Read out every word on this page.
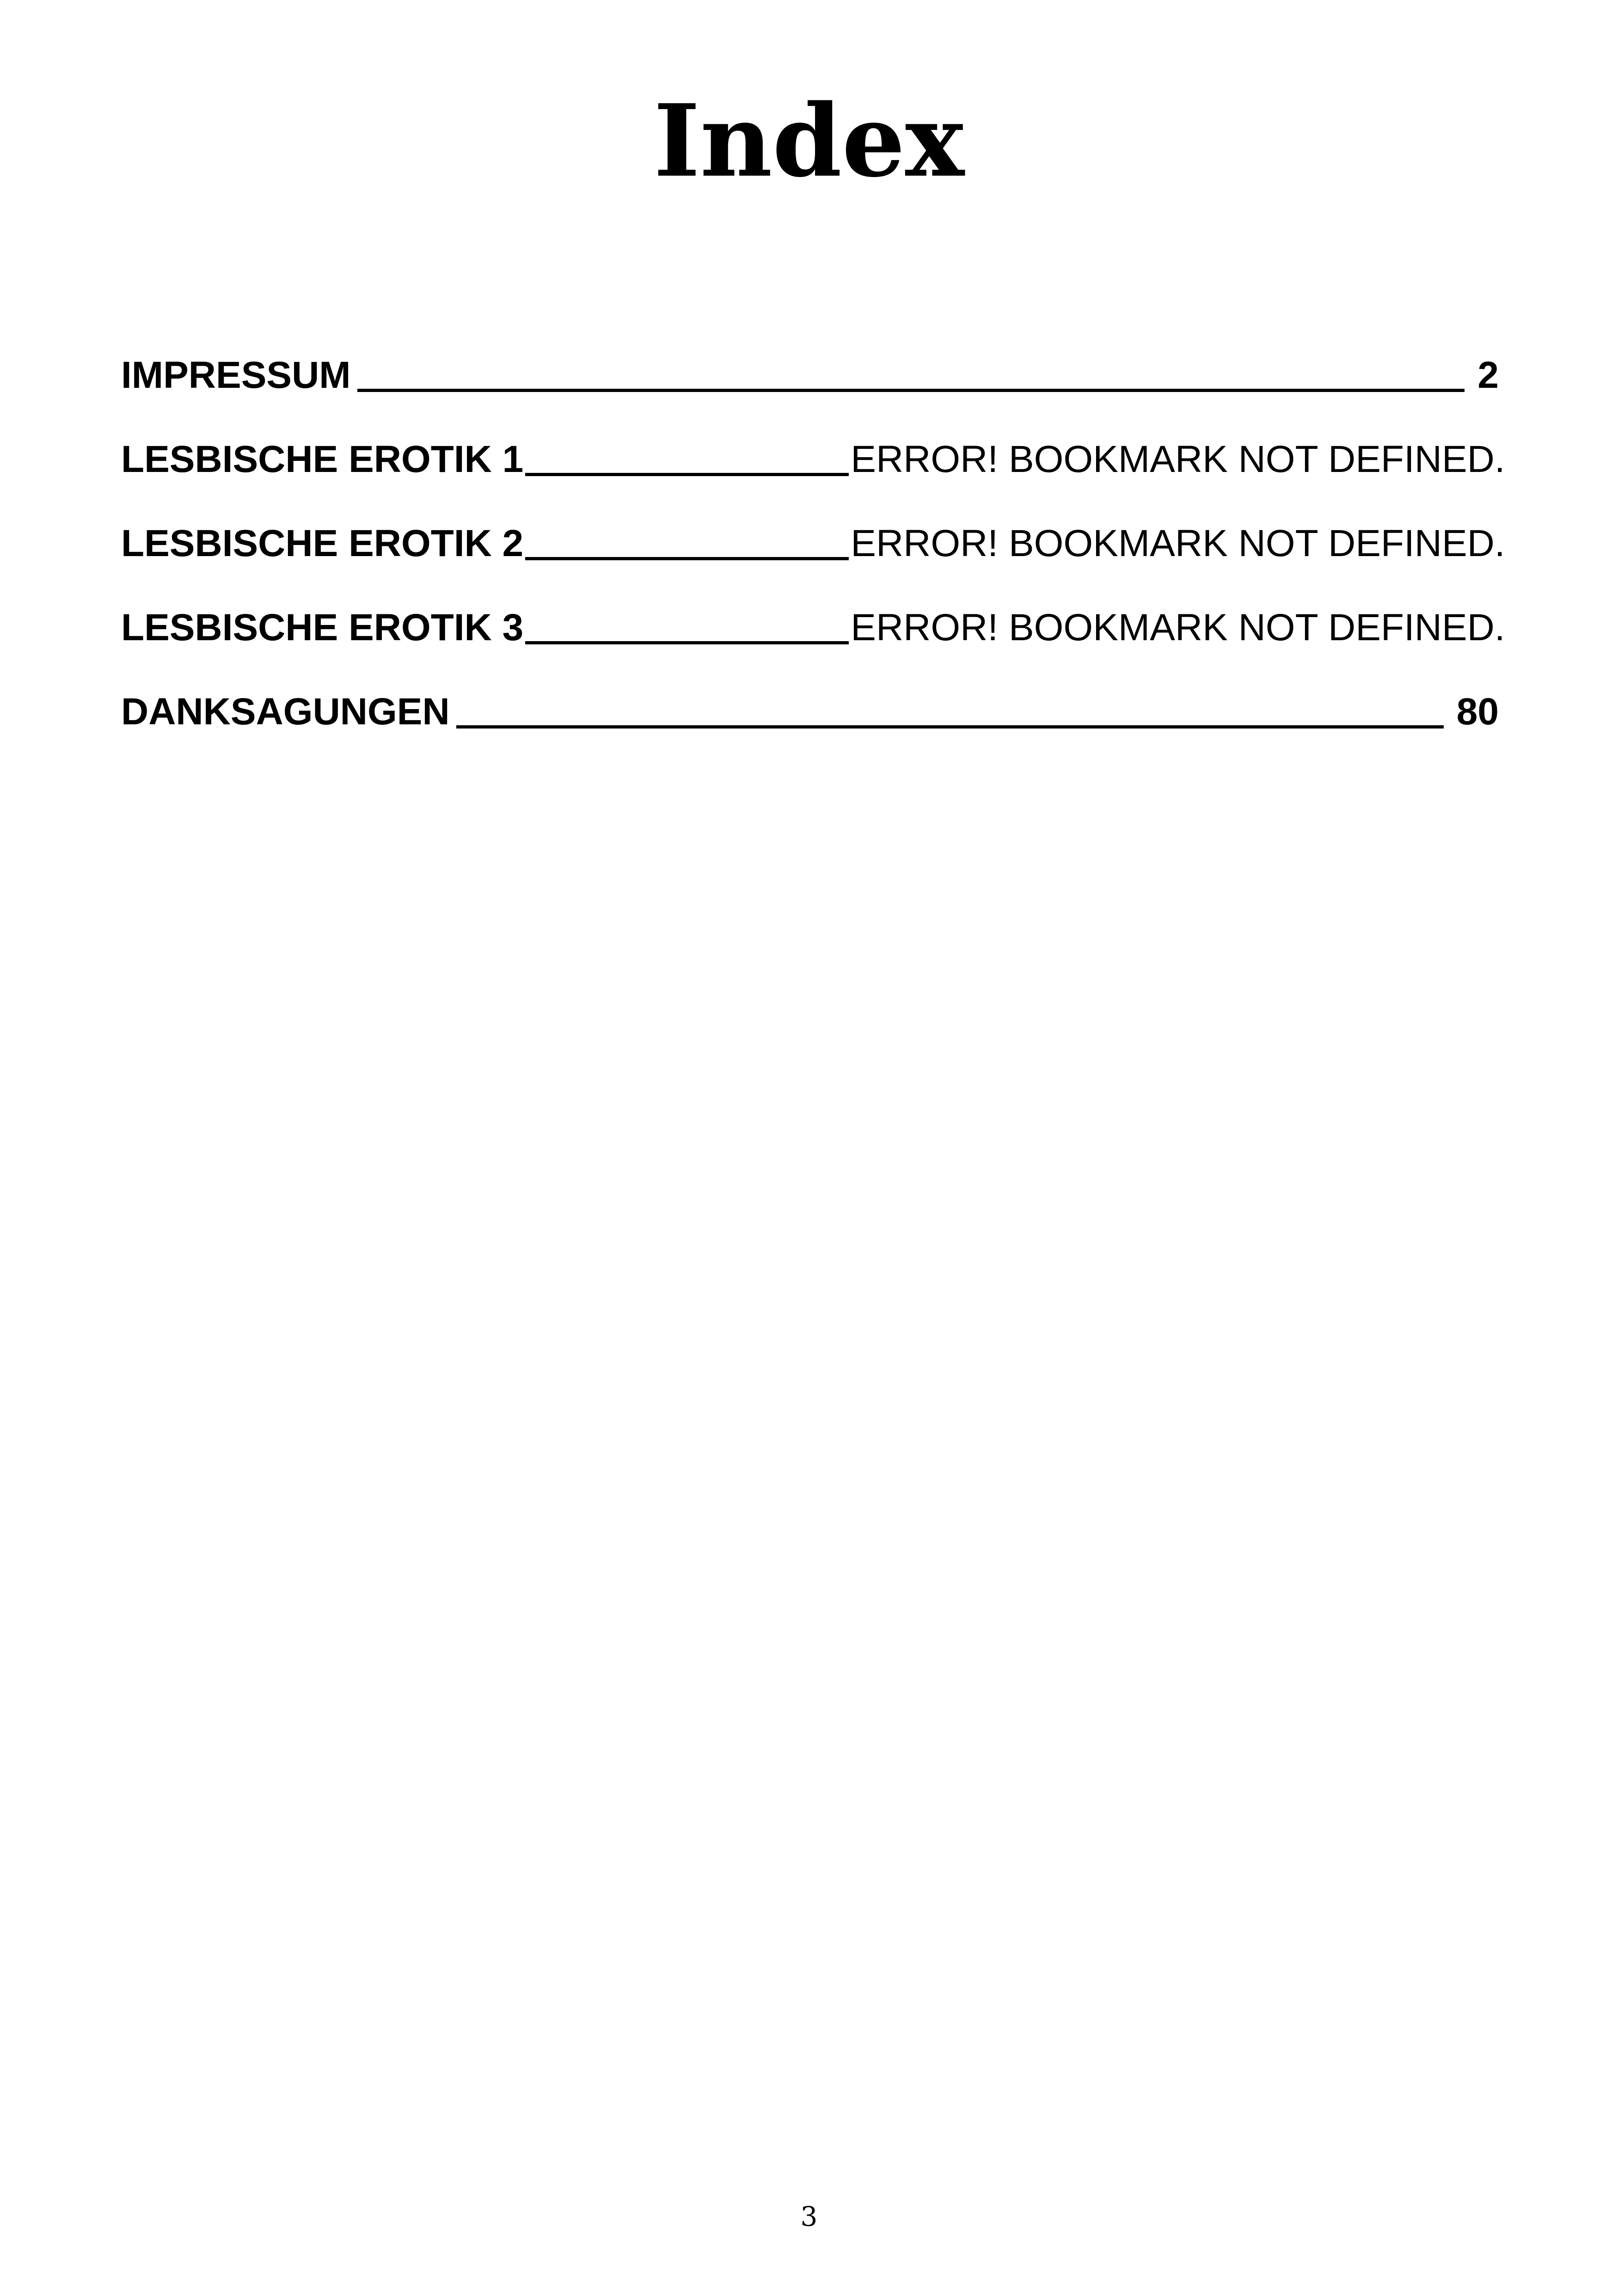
Index
IMPRESSUM	2
LESBISCHE EROTIK 1	ERROR! BOOKMARK NOT DEFINED.
LESBISCHE EROTIK 2	ERROR! BOOKMARK NOT DEFINED.
LESBISCHE EROTIK 3	ERROR! BOOKMARK NOT DEFINED.
DANKSAGUNGEN	80
3
